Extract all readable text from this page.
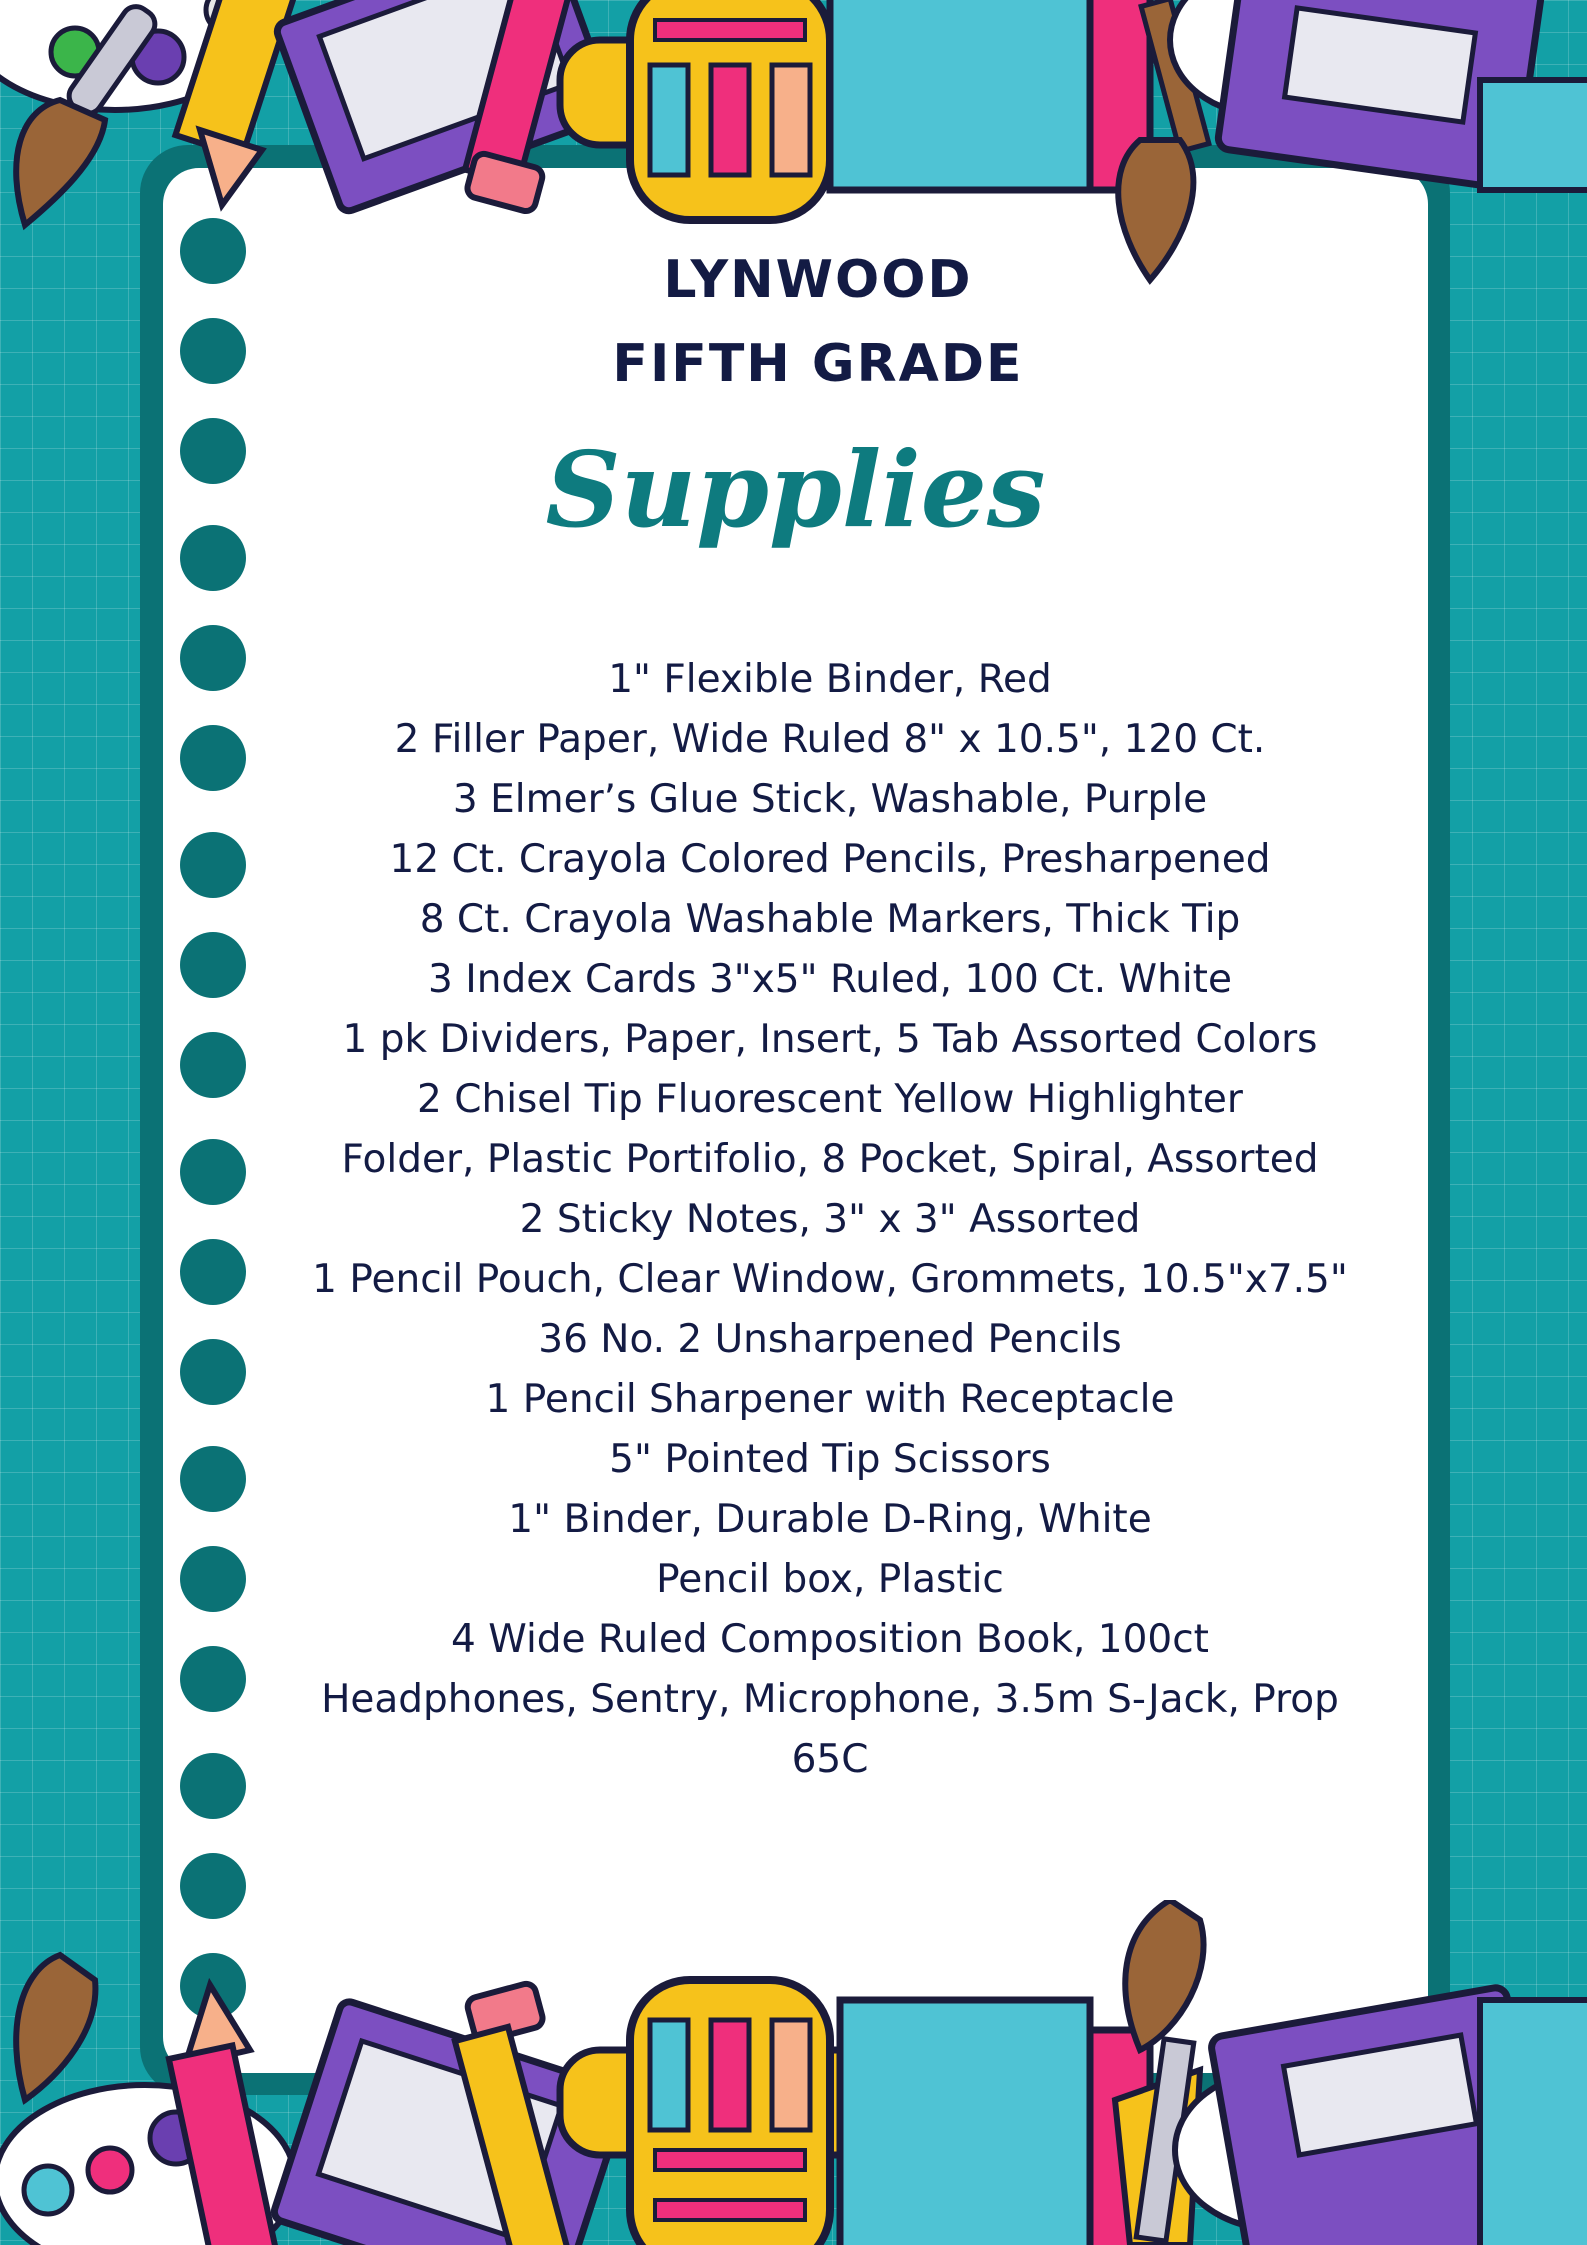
LYNWOOD
FIFTH GRADE
Supplies
1" Flexible Binder, Red
2 Filler Paper, Wide Ruled 8" x 10.5", 120 Ct.
3 Elmer’s Glue Stick, Washable, Purple
12 Ct. Crayola Colored Pencils, Presharpened
8 Ct. Crayola Washable Markers, Thick Tip
3 Index Cards 3"x5" Ruled, 100 Ct. White
1 pk Dividers, Paper, Insert, 5 Tab Assorted Colors
2 Chisel Tip Fluorescent Yellow Highlighter
Folder, Plastic Portifolio, 8 Pocket, Spiral, Assorted
2 Sticky Notes, 3" x 3" Assorted
1 Pencil Pouch, Clear Window, Grommets, 10.5"x7.5"
36 No. 2 Unsharpened Pencils
1 Pencil Sharpener with Receptacle
5" Pointed Tip Scissors
1" Binder, Durable D-Ring, White
Pencil box, Plastic
4 Wide Ruled Composition Book, 100ct
Headphones, Sentry, Microphone, 3.5m S-Jack, Prop
65C
